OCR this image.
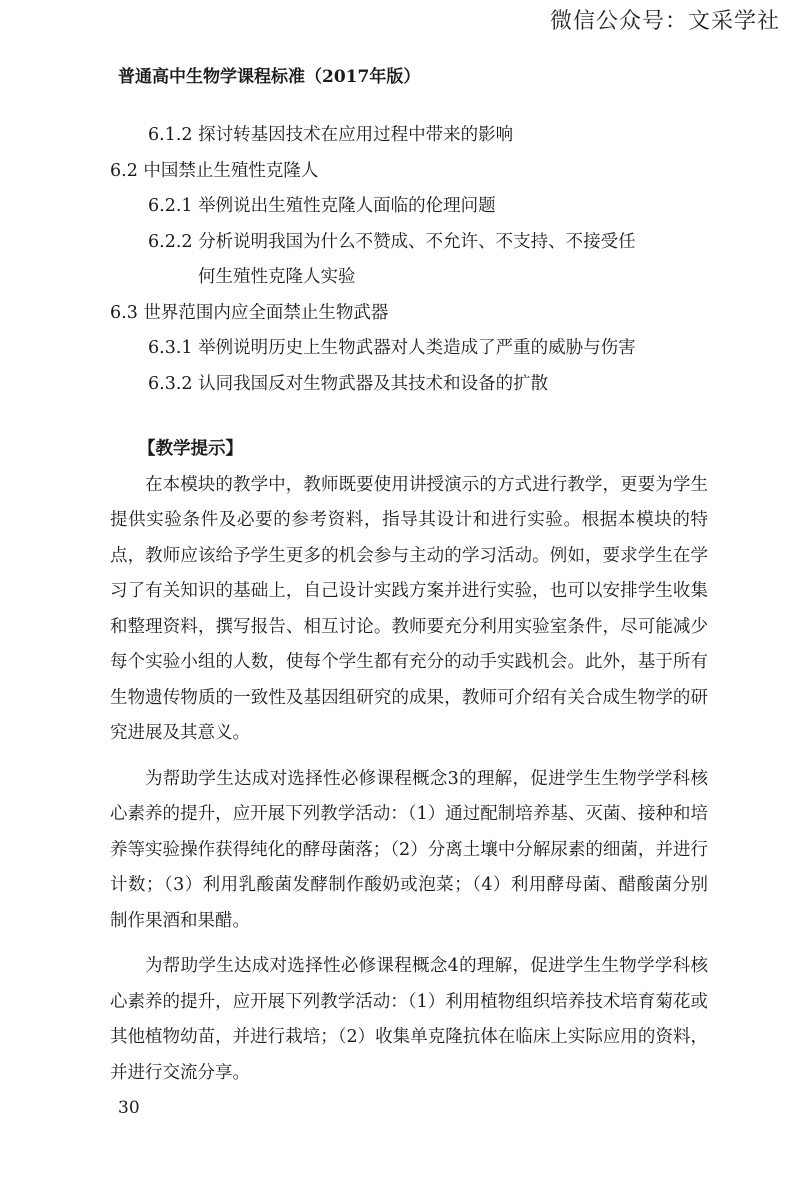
微信公众号：文采学社
普通高中生物学课程标准（2017年版）
6.1.2 探讨转基因技术在应用过程中带来的影响
6.2 中国禁止生殖性克隆人
6.2.1 举例说出生殖性克隆人面临的伦理问题
6.2.2 分析说明我国为什么不赞成、不允许、不支持、不接受任
何生殖性克隆人实验
6.3 世界范围内应全面禁止生物武器
6.3.1 举例说明历史上生物武器对人类造成了严重的威胁与伤害
6.3.2 认同我国反对生物武器及其技术和设备的扩散
【教学提示】

在本模块的教学中，教师既要使用讲授演示的方式进行教学，更要为学生提供实验条件及必要的参考资料，指导其设计和进行实验。根据本模块的特点，教师应该给予学生更多的机会参与主动的学习活动。例如，要求学生在学习了有关知识的基础上，自己设计实践方案并进行实验，也可以安排学生收集和整理资料，撰写报告、相互讨论。教师要充分利用实验室条件，尽可能减少每个实验小组的人数，使每个学生都有充分的动手实践机会。此外，基于所有生物遗传物质的一致性及基因组研究的成果，教师可介绍有关合成生物学的研究进展及其意义。

为帮助学生达成对选择性必修课程概念3的理解，促进学生生物学学科核心素养的提升，应开展下列教学活动：（1）通过配制培养基、灭菌、接种和培养等实验操作获得纯化的酵母菌落；（2）分离土壤中分解尿素的细菌，并进行计数；（3）利用乳酸菌发酵制作酸奶或泡菜；（4）利用酵母菌、醋酸菌分别制作果酒和果醋。

为帮助学生达成对选择性必修课程概念4的理解，促进学生生物学学科核心素养的提升，应开展下列教学活动：（1）利用植物组织培养技术培育菊花或其他植物幼苗，并进行栽培；（2）收集单克隆抗体在临床上实际应用的资料，并进行交流分享。

30
